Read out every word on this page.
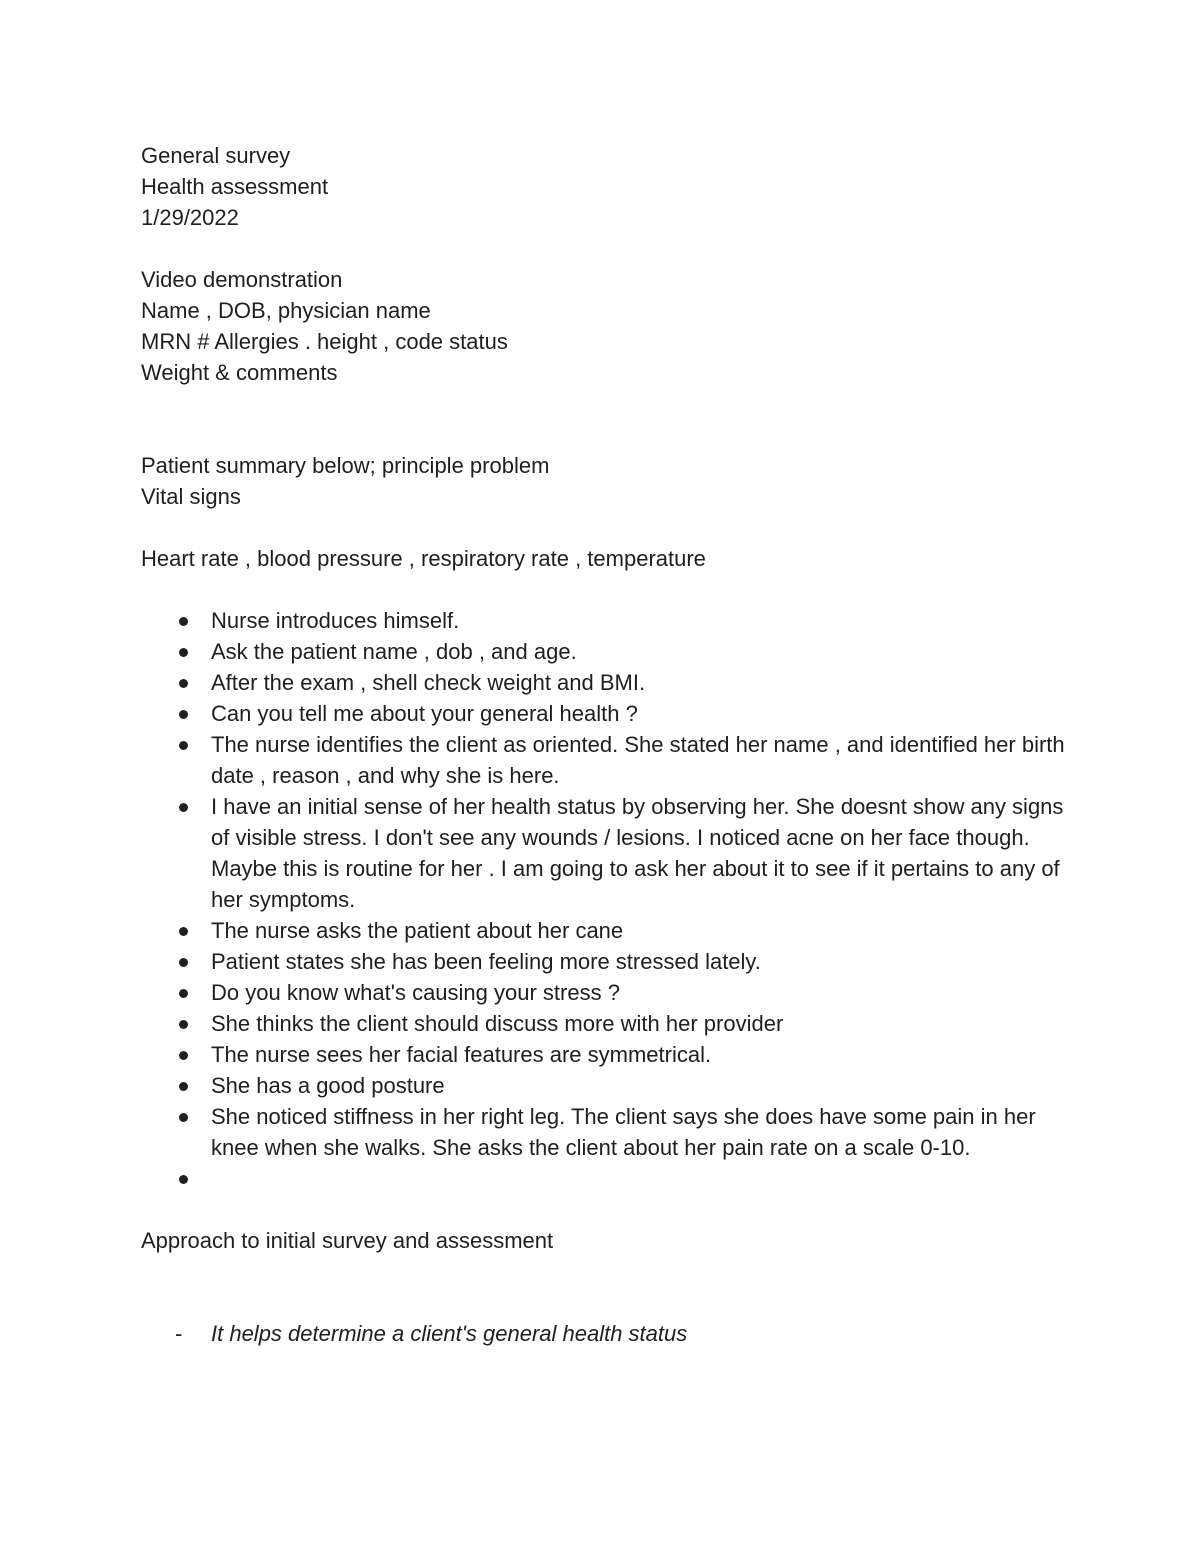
General survey
Health assessment
1/29/2022
Video demonstration
Name , DOB, physician name
MRN # Allergies . height , code status
Weight & comments
Patient summary below; principle problem
Vital signs
Heart rate , blood pressure , respiratory rate , temperature
Nurse introduces himself.
Ask the patient name , dob , and age.
After the exam , shell check weight and BMI.
Can you tell me about your general health ?
The nurse identifies the client as oriented. She stated her name , and identified her birth date , reason , and why she is here.
I have an initial sense of her health status by observing her. She doesnt show any signs of visible stress. I don't see any wounds / lesions. I noticed acne on her face though. Maybe this is routine for her . I am going to ask her about it to see if it pertains to any of her symptoms.
The nurse asks the patient about her cane
Patient states she has been feeling more stressed lately.
Do you know what's causing your stress ?
She thinks the client should discuss more with her provider
The nurse sees her facial features are symmetrical.
She has a good posture
She noticed stiffness in her right leg. The client says she does have some pain in her knee when she walks. She asks the client about her pain rate on a scale 0-10.
Approach to initial survey and assessment
- It helps determine a client's general health status
